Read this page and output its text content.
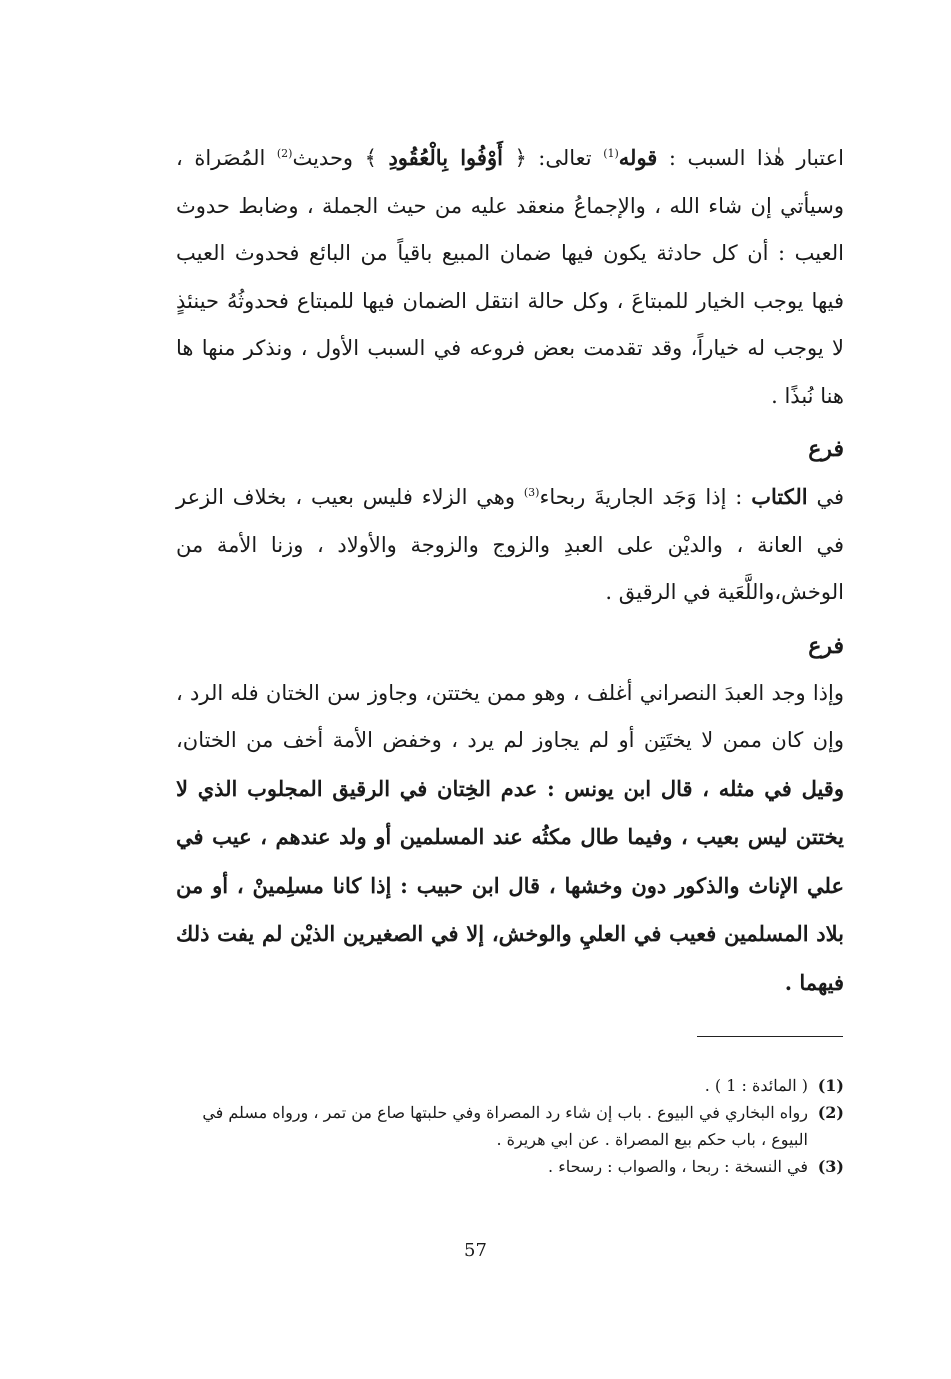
اعتبار هٰذا السبب : قوله$^{(1)}$ تعالى: ﴿ أَوْفُوا بِالْعُقُودِ ﴾ وحديث$^{(2)}$ المُصَراة ، وسيأتي إن شاء الله ، والإجماعُ منعقد عليه من حيث الجملة ، وضابط حدوث العيب : أن كل حادثة يكون فيها ضمان المبيع باقياً من البائع فحدوث العيب فيها يوجب الخيار للمبتاعَ ، وكل حالة انتقل الضمان فيها للمبتاع فحدوثُهُ حينئذٍ لا يوجب له خياراً، وقد تقدمت بعض فروعه في السبب الأول ، ونذكر منها ها هنا نُبذًا .

فرع

في الكتاب : إذا وَجَد الجاريةَ ربحاء$^{(3)}$ وهي الزلاء فليس بعيب ، بخلاف الزعر في العانة ، والديْن على العبدِ والزوج والزوجة والأولاد ، وزنا الأمة من الوخش،واللَّعَية في الرقيق .

فرع

وإذا وجد العبدَ النصراني أغلف ، وهو ممن يختتن، وجاوز سن الختان فله الرد ، وإن كان ممن لا يختَتِن أو لم يجاوز لم يرد ، وخفض الأمة أخف من الختان، وقيل في مثله ، قال ابن يونس : عدم الخِتان في الرقيق المجلوب الذي لا يختتن ليس بعيب ، وفيما طال مكثُه عند المسلمين أو ولد عندهم ، عيب في علي الإناث والذكور دون وخشها ، قال ابن حبيب : إذا كانا مسلِمينْ ، أو من بلاد المسلمين فعيب في العليِ والوخش، إلا في الصغيرين الذيْن لم يفت ذلك فيهما .

(1)
( المائدة : 1 ) .
(2)
رواه البخاري في البيوع . باب إن شاء رد المصراة وفي حلبتها صاع من تمر ، ورواه مسلم في البيوع ، باب حكم بيع المصراة . عن ابي هريرة .
(3)
في النسخة : ربحا ، والصواب : رسحاء .
57
